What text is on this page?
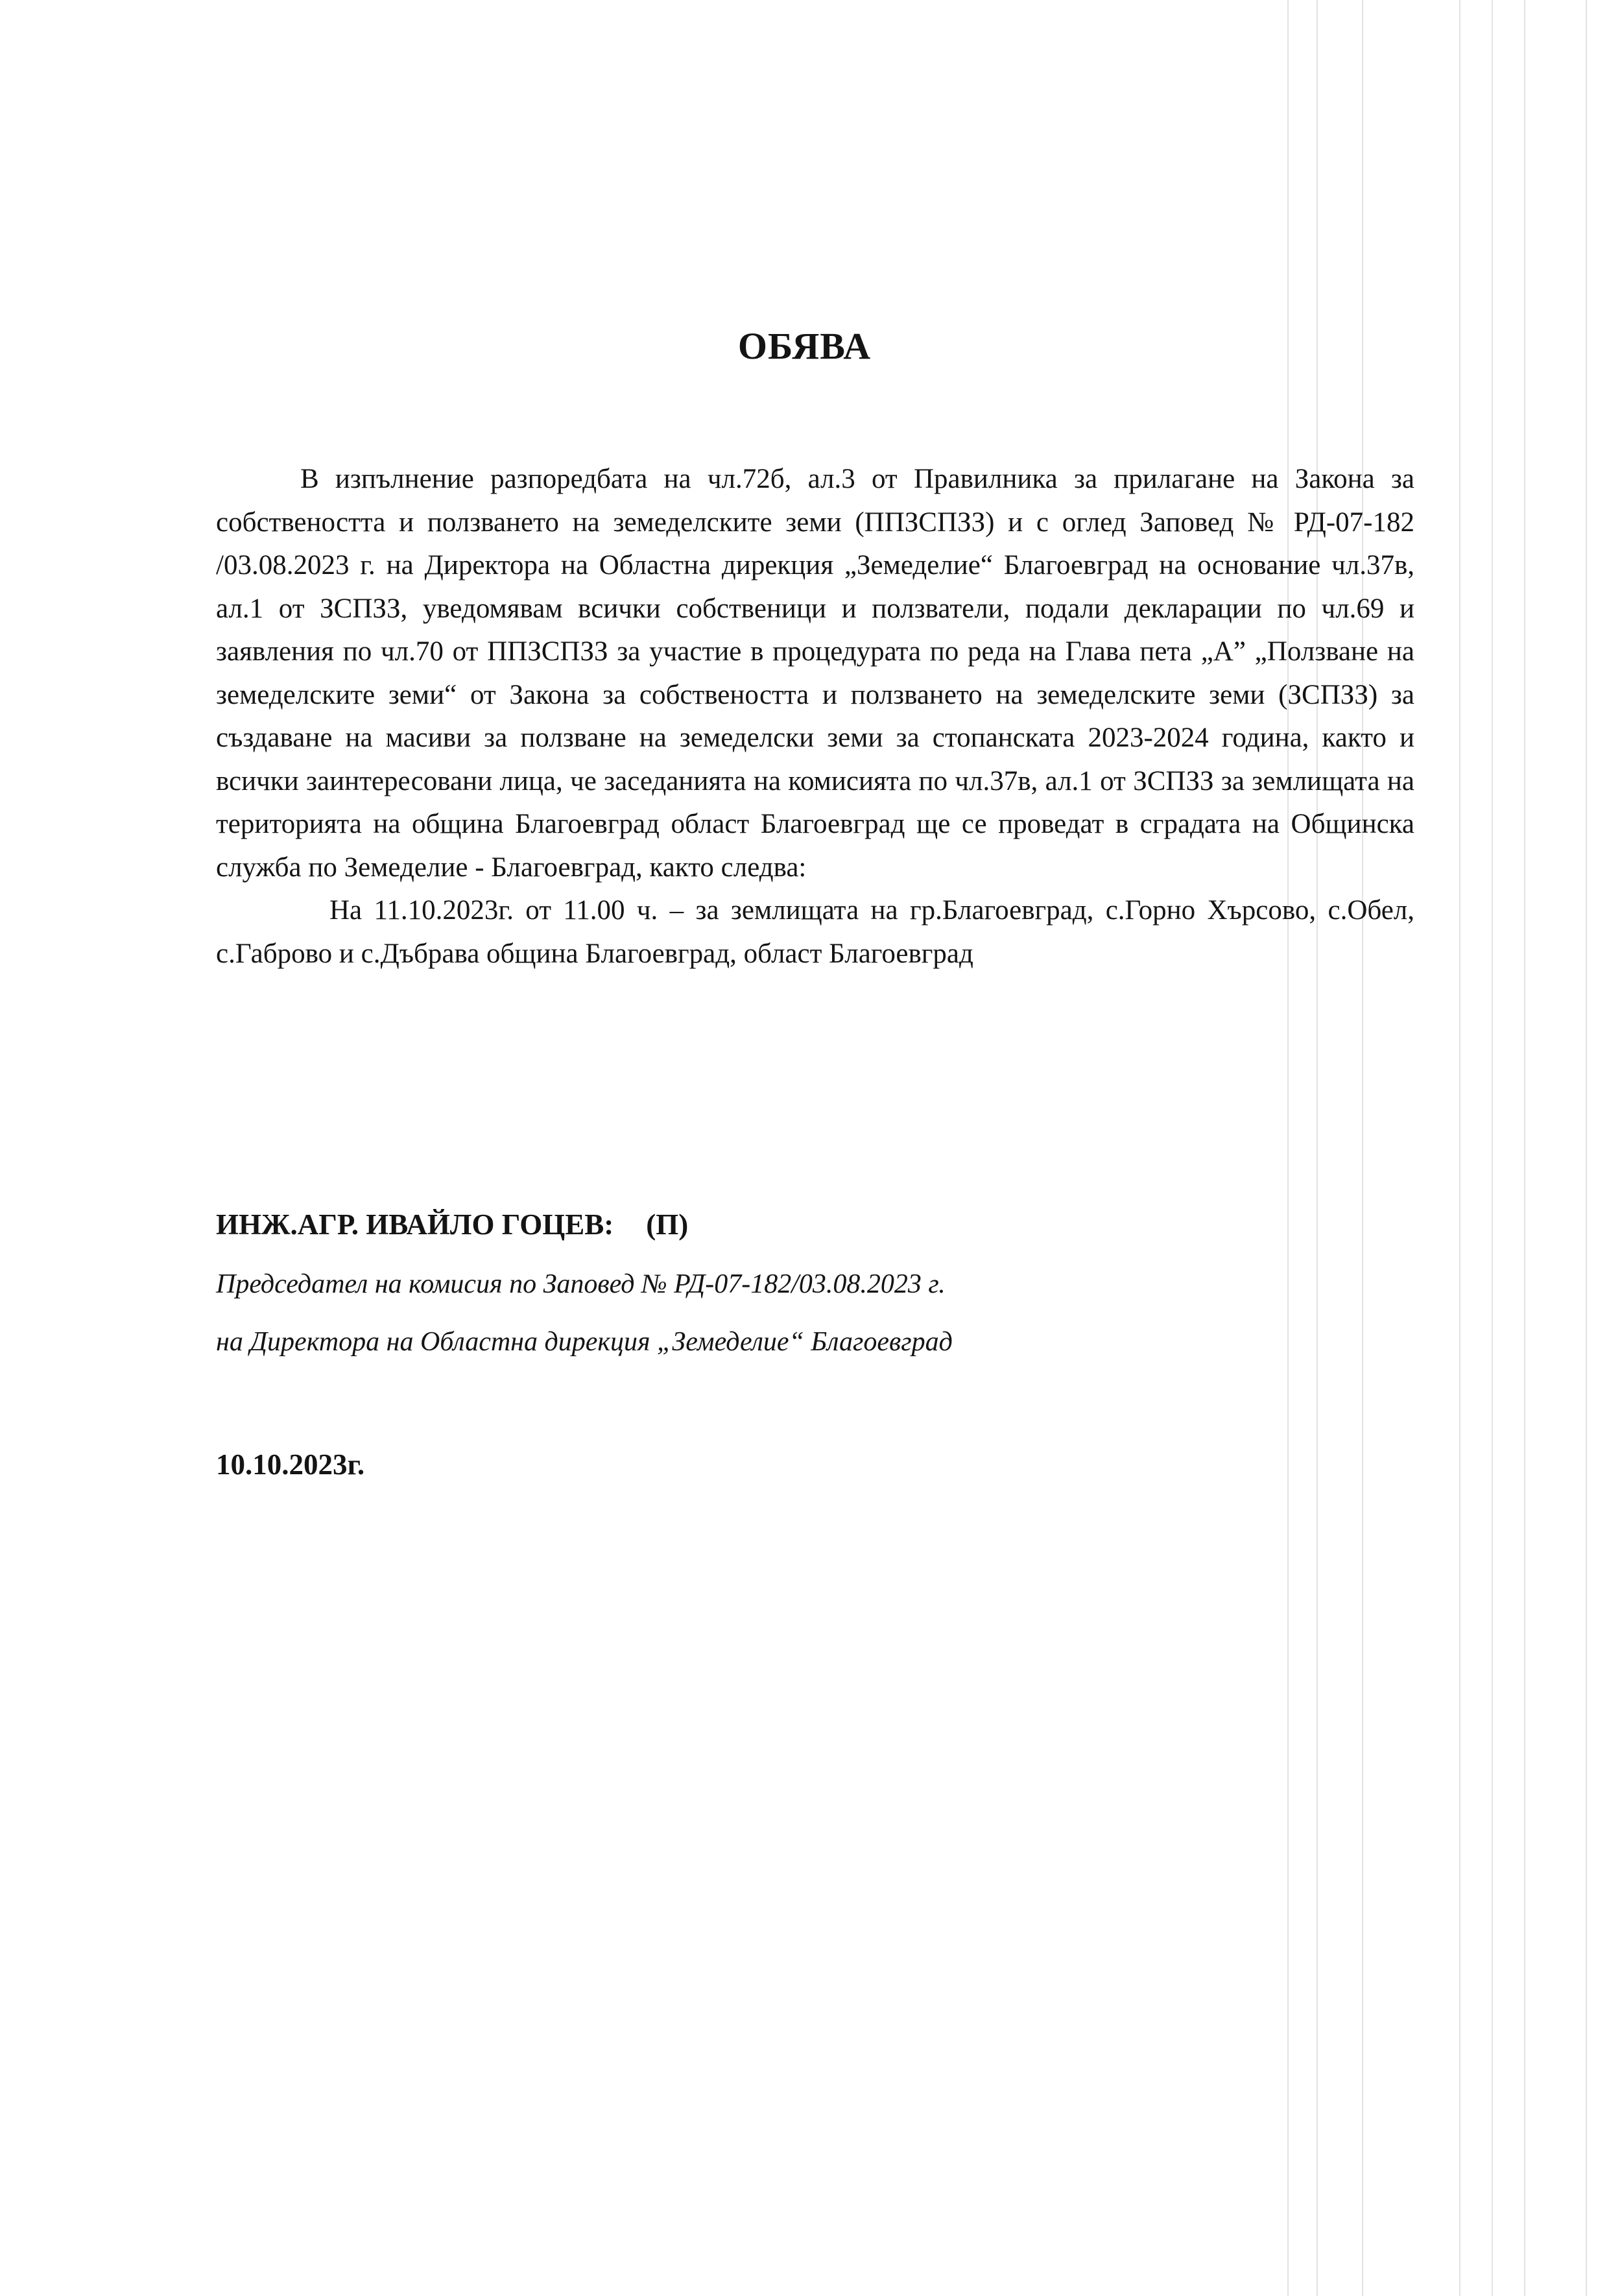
ОБЯВА

В изпълнение разпоредбата на чл.72б, ал.3 от Правилника за прилагане на Закона за собствеността и ползването на земеделските земи (ППЗСПЗЗ) и с оглед Заповед № РД-07-182 /03.08.2023 г. на Директора на Областна дирекция „Земеделие“ Благоевград на основание чл.37в, ал.1 от ЗСПЗЗ, уведомявам всички собственици и ползватели, подали декларации по чл.69 и заявления по чл.70 от ППЗСПЗЗ за участие в процедурата по реда на Глава пета „А” „Ползване на земеделските земи“ от Закона за собствеността и ползването на земеделските земи (ЗСПЗЗ) за създаване на масиви за ползване на земеделски земи за стопанската 2023-2024 година, както и всички заинтересовани лица, че заседанията на комисията по чл.37в, ал.1 от ЗСПЗЗ за землищата на територията на община Благоевград област Благоевград ще се проведат в сградата на Общинска служба по Земеделие - Благоевград, както следва:

На 11.10.2023г. от 11.00 ч. – за землищата на гр.Благоевград, с.Горно Хърсово, с.Обел, с.Габрово и с.Дъбрава община Благоевград, област Благоевград

ИНЖ.АГР. ИВАЙЛО ГОЦЕВ: (П)
Председател на комисия по Заповед № РД-07-182/03.08.2023 г.
на Директора на Областна дирекция „Земеделие“ Благоевград
10.10.2023г.
